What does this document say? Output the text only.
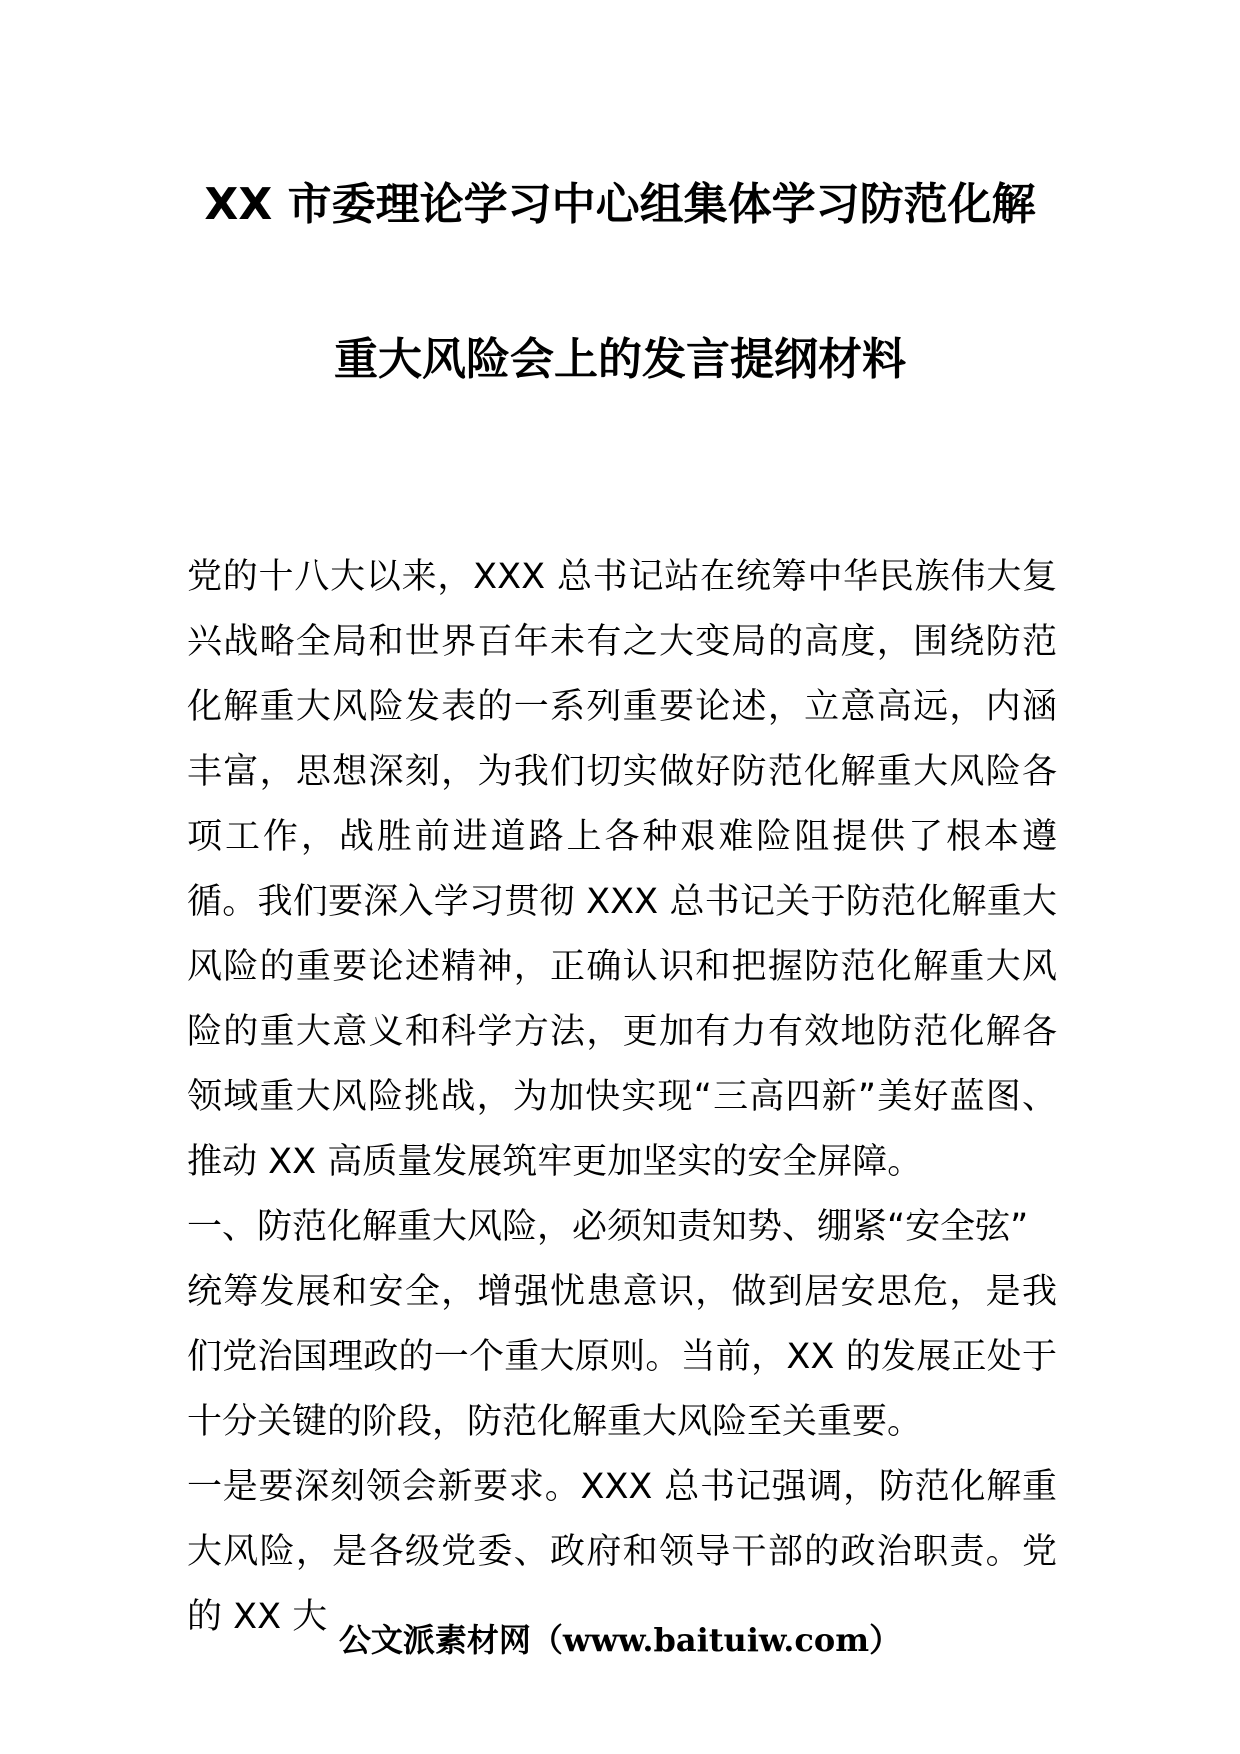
XX 市委理论学习中心组集体学习防范化解
重大风险会上的发言提纲材料

党的十八大以来，XXX 总书记站在统筹中华民族伟大复兴战略全局和世界百年未有之大变局的高度，围绕防范化解重大风险发表的一系列重要论述，立意高远，内涵丰富，思想深刻，为我们切实做好防范化解重大风险各项工作，战胜前进道路上各种艰难险阻提供了根本遵循。我们要深入学习贯彻 XXX 总书记关于防范化解重大风险的重要论述精神，正确认识和把握防范化解重大风险的重大意义和科学方法，更加有力有效地防范化解各领域重大风险挑战，为加快实现“三高四新”美好蓝图、推动 XX 高质量发展筑牢更加坚实的安全屏障。

一、防范化解重大风险，必须知责知势、绷紧“安全弦”

统筹发展和安全，增强忧患意识，做到居安思危，是我们党治国理政的一个重大原则。当前，XX 的发展正处于十分关键的阶段，防范化解重大风险至关重要。

一是要深刻领会新要求。XXX 总书记强调，防范化解重大风险，是各级党委、政府和领导干部的政治职责。党的 XX 大

公文派素材网（www.baituiw.com）
